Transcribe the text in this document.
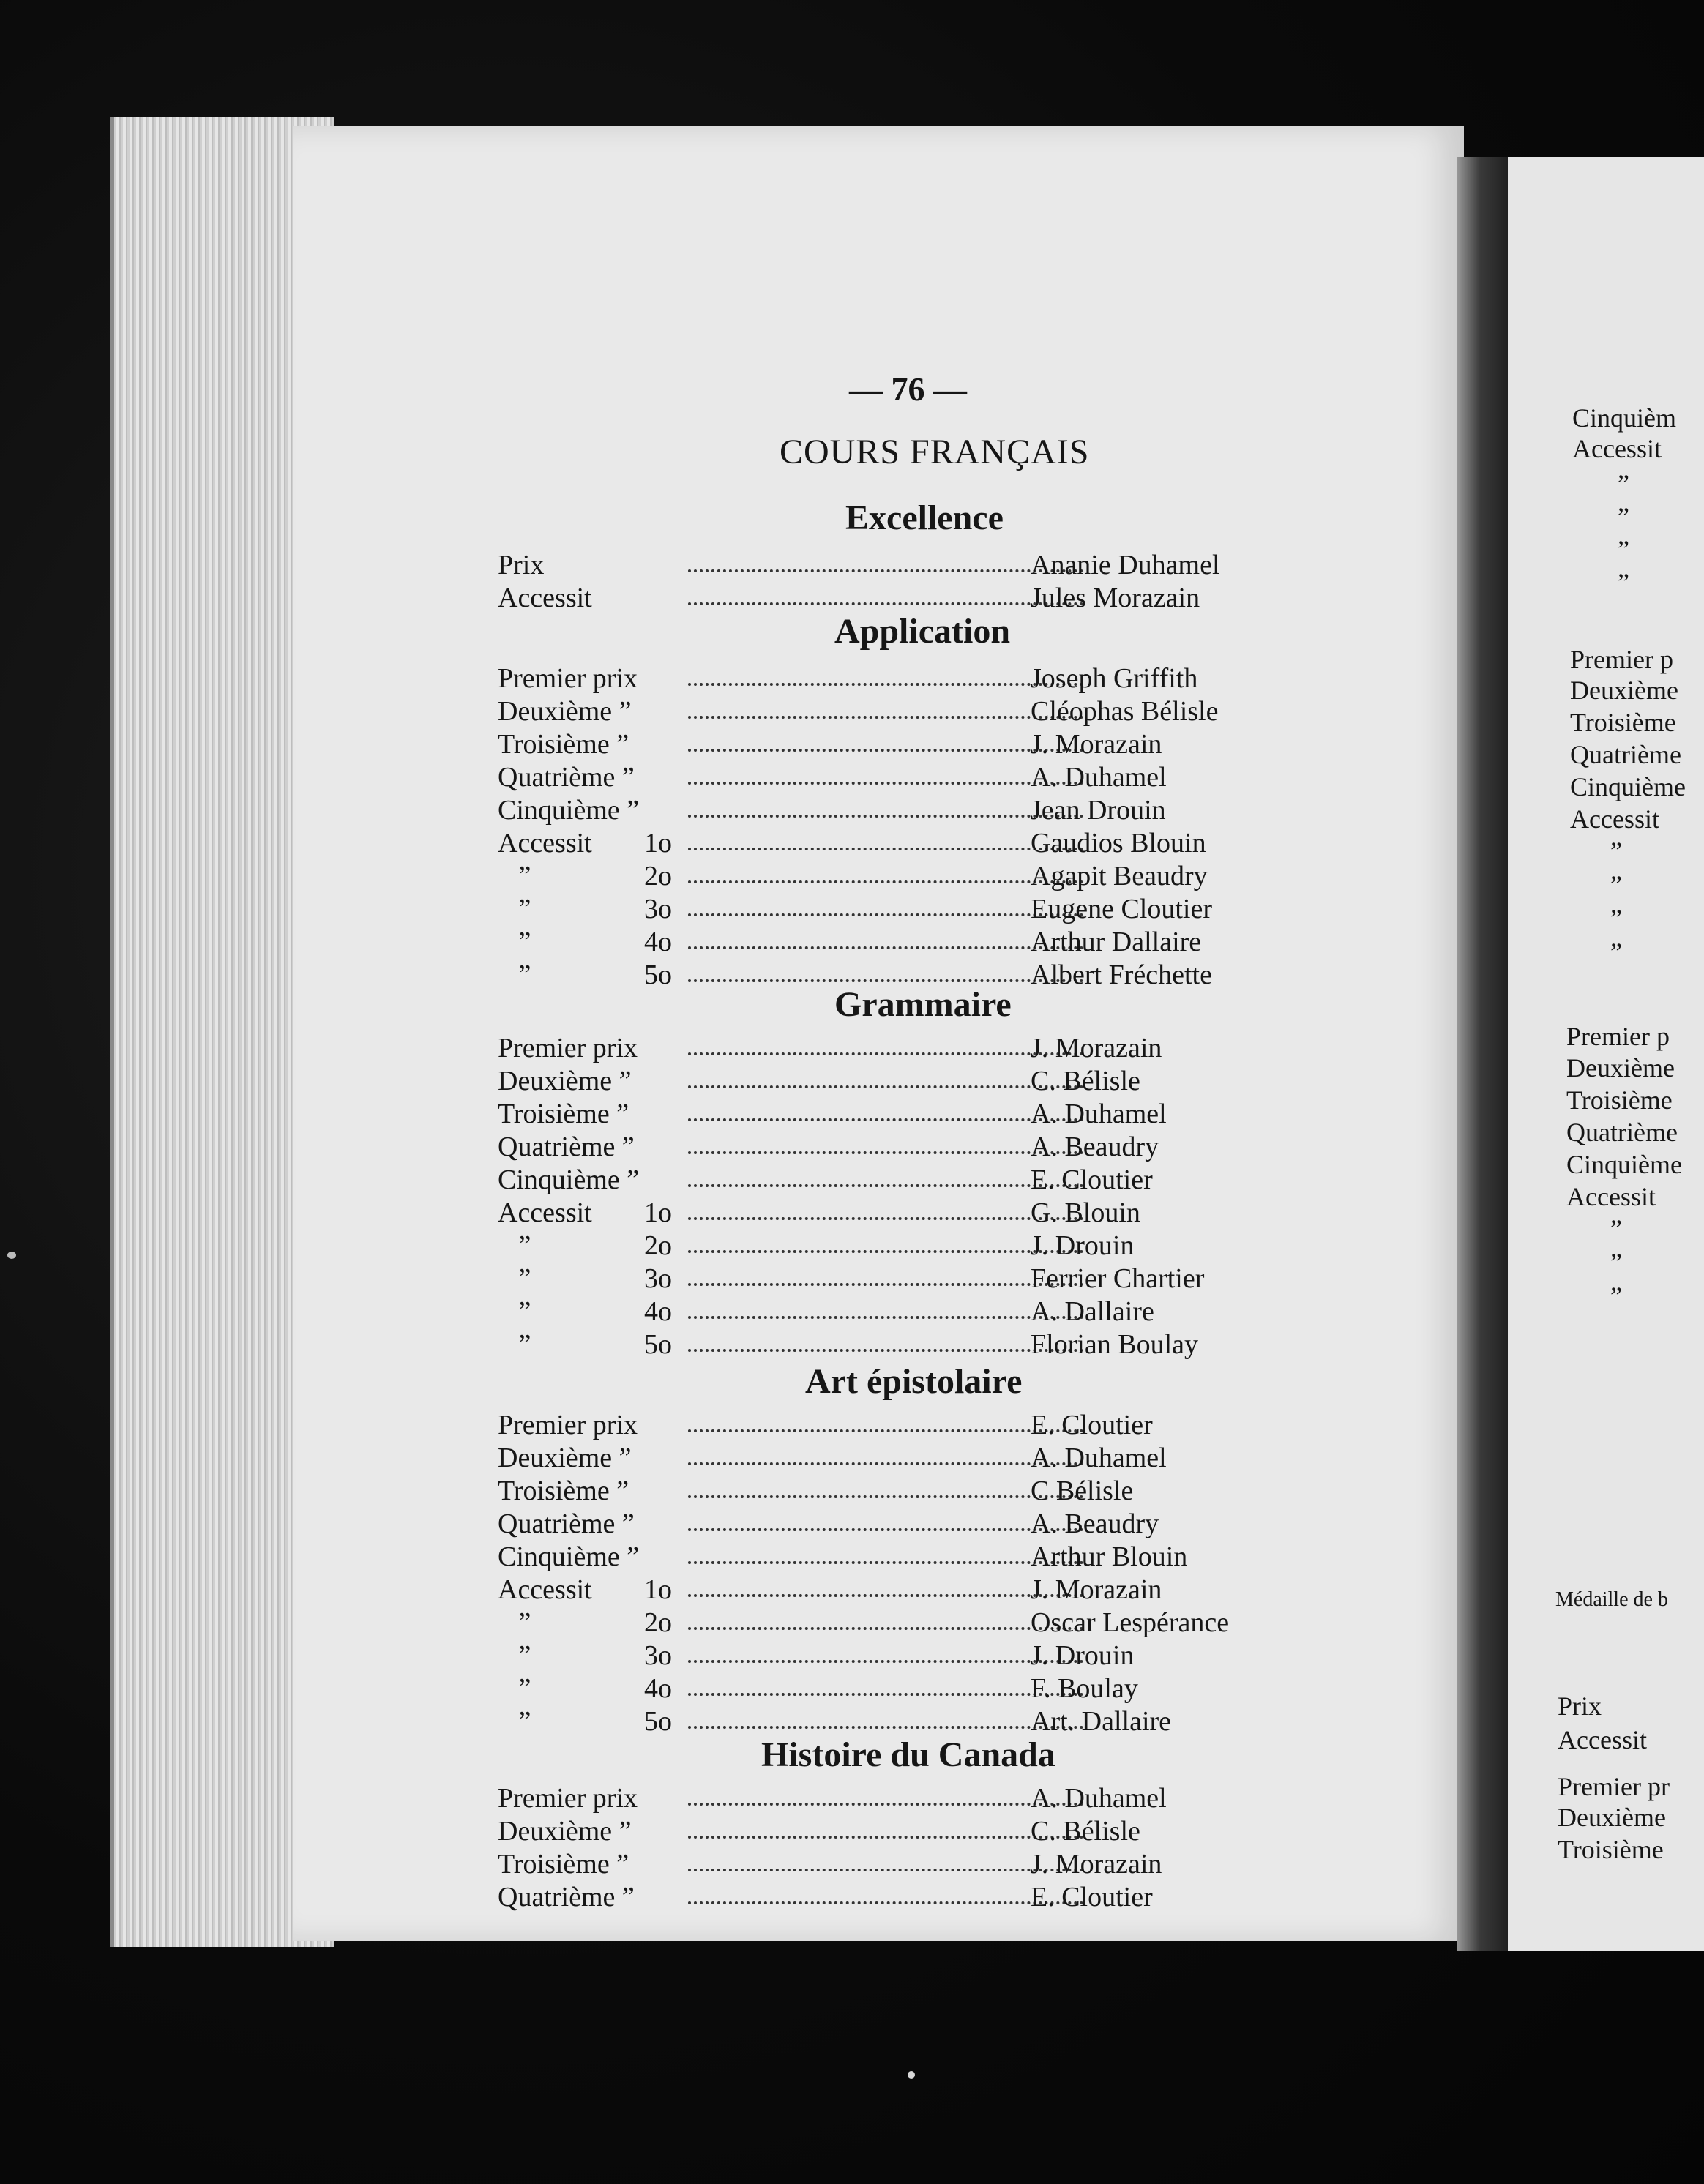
— 76 —
COURS FRANÇAIS
Excellence
Prix	Ananie Duhamel
Accessit	Jules Morazain
Application
Premier prix	Joseph Griffith
Deuxième ”	Cléophas Bélisle
Troisième ”	J. Morazain
Quatrième ”	A. Duhamel
Cinquième ”	Jean Drouin
Accessit 1o	Gaudios Blouin
”	2o	Agapit Beaudry
”	3o	Eugene Cloutier
”	4o	Arthur Dallaire
”	5o	Albert Fréchette
Grammaire
Premier prix	J. Morazain
Deuxième ”	C. Bélisle
Troisième ”	A. Duhamel
Quatrième ”	A. Beaudry
Cinquième ”	E. Cloutier
Accessit 1o	G. Blouin
”	2o	J. Drouin
”	3o	Ferrier Chartier
”	4o	A. Dallaire
”	5o	Florian Boulay
Art épistolaire
Premier prix	E. Cloutier
Deuxième ”	A. Duhamel
Troisième ”	C Bélisle
Quatrième ”	A. Beaudry
Cinquième ”	Arthur Blouin
Accessit 1o	J. Morazain
”	2o	Oscar Lespérance
”	3o	J. Drouin
”	4o	F. Boulay
”	5o	Art. Dallaire
Histoire du Canada
Premier prix	A. Duhamel
Deuxième ”	C. Bélisle
Troisième ”	J. Morazain
Quatrième ”	E. Cloutier
Cinquièm
Accessit
”
”
”
”
Premier p
Deuxième
Troisième
Quatrième
Cinquième
Accessit
”
”
”
”
Premier p
Deuxième
Troisième
Quatrième
Cinquième
Accessit
”
”
”
Médaille de b
Prix
Accessit
Premier pr
Deuxième
Troisième
